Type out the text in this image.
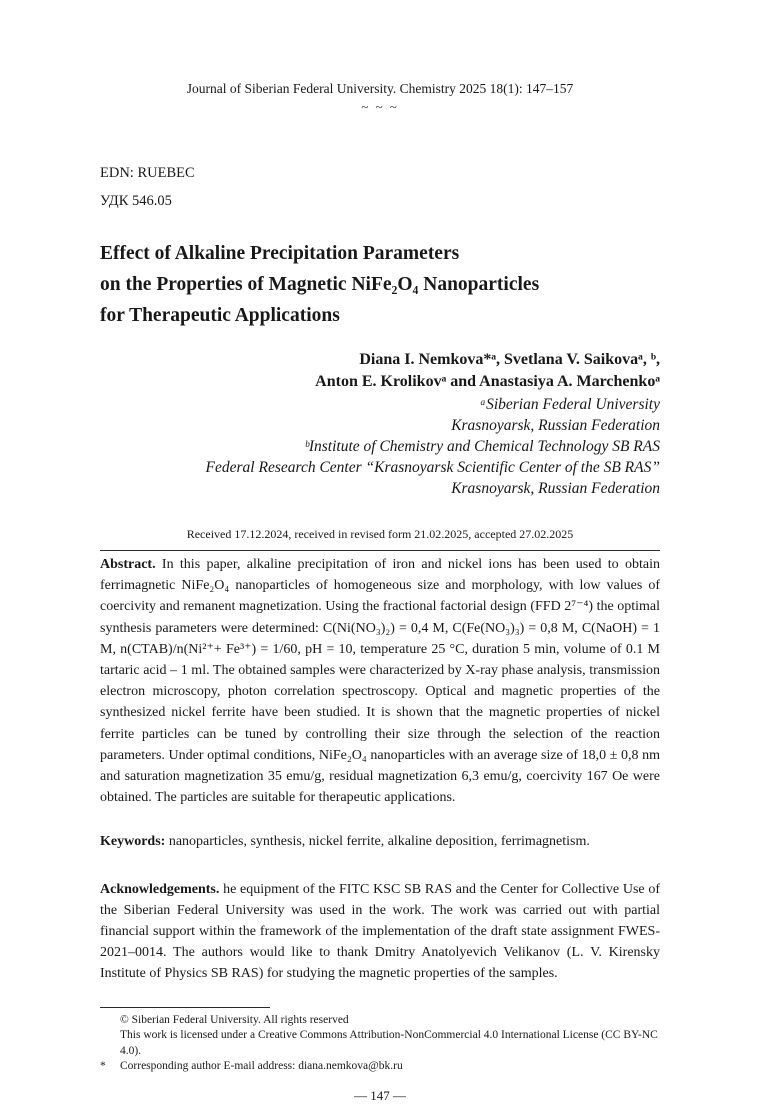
Journal of Siberian Federal University. Chemistry 2025 18(1): 147–157
~ ~ ~
EDN: RUEBEC
УДК 546.05
Effect of Alkaline Precipitation Parameters
on the Properties of Magnetic NiFe₂O₄ Nanoparticles
for Therapeutic Applications
Diana I. Nemkova*ᵃ, Svetlana V. Saikovaᵃ, ᵇ,
Anton E. Krolikovᵃ and Anastasiya A. Marchenkoᵃ
ᵃSiberian Federal University
Krasnoyarsk, Russian Federation
ᵇInstitute of Chemistry and Chemical Technology SB RAS
Federal Research Center “Krasnoyarsk Scientific Center of the SB RAS”
Krasnoyarsk, Russian Federation
Received 17.12.2024, received in revised form 21.02.2025, accepted 27.02.2025

Abstract. In this paper, alkaline precipitation of iron and nickel ions has been used to obtain ferrimagnetic NiFe₂O₄ nanoparticles of homogeneous size and morphology, with low values of coercivity and remanent magnetization. Using the fractional factorial design (FFD 2⁷⁻⁴) the optimal synthesis parameters were determined: C(Ni(NO₃)₂) = 0,4 M, C(Fe(NO₃)₃) = 0,8 M, C(NaOH) = 1 M, n(CTAB)/n(Ni²⁺+ Fe³⁺) = 1/60, pH = 10, temperature 25 °C, duration 5 min, volume of 0.1 M tartaric acid – 1 ml. The obtained samples were characterized by X-ray phase analysis, transmission electron microscopy, photon correlation spectroscopy. Optical and magnetic properties of the synthesized nickel ferrite have been studied. It is shown that the magnetic properties of nickel ferrite particles can be tuned by controlling their size through the selection of the reaction parameters. Under optimal conditions, NiFe₂O₄ nanoparticles with an average size of 18,0 ± 0,8 nm and saturation magnetization 35 emu/g, residual magnetization 6,3 emu/g, coercivity 167 Oe were obtained. The particles are suitable for therapeutic applications.

Keywords: nanoparticles, synthesis, nickel ferrite, alkaline deposition, ferrimagnetism.

Acknowledgements. he equipment of the FITC KSC SB RAS and the Center for Collective Use of the Siberian Federal University was used in the work. The work was carried out with partial financial support within the framework of the implementation of the draft state assignment FWES-2021–0014. The authors would like to thank Dmitry Anatolyevich Velikanov (L. V. Kirensky Institute of Physics SB RAS) for studying the magnetic properties of the samples.

© Siberian Federal University. All rights reserved
This work is licensed under a Creative Commons Attribution-NonCommercial 4.0 International License (CC BY-NC 4.0).
*	Corresponding author E-mail address: diana.nemkova@bk.ru
— 147 —
